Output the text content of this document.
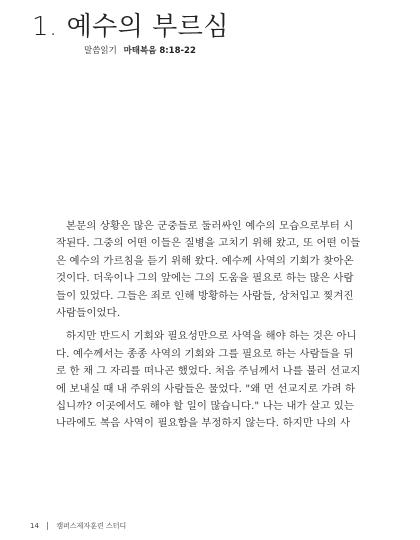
1. 예수의 부르심
말씀읽기 마태복음 8:18-22
본문의 상황은 많은 군중들로 둘러싸인 예수의 모습으로부터 시
작된다. 그중의 어떤 이들은 질병을 고치기 위해 왔고, 또 어떤 이들
은 예수의 가르침을 듣기 위해 왔다. 예수께 사역의 기회가 찾아온
것이다. 더욱이나 그의 앞에는 그의 도움을 필요로 하는 많은 사람
들이 있었다. 그들은 죄로 인해 방황하는 사람들, 상처입고 찢겨진
사람들이었다.
하지만 반드시 기회와 필요성만으로 사역을 해야 하는 것은 아니
다. 예수께서는 종종 사역의 기회와 그를 필요로 하는 사람들을 뒤
로 한 채 그 자리를 떠나곤 했었다. 처음 주님께서 나를 불러 선교지
에 보내실 때 내 주위의 사람들은 물었다. "왜 먼 선교지로 가려 하
십니까? 이곳에서도 해야 할 일이 많습니다." 나는 내가 살고 있는
나라에도 복음 사역이 필요함을 부정하지 않는다. 하지만 나의 사
14 캠퍼스제자훈련 스터디
